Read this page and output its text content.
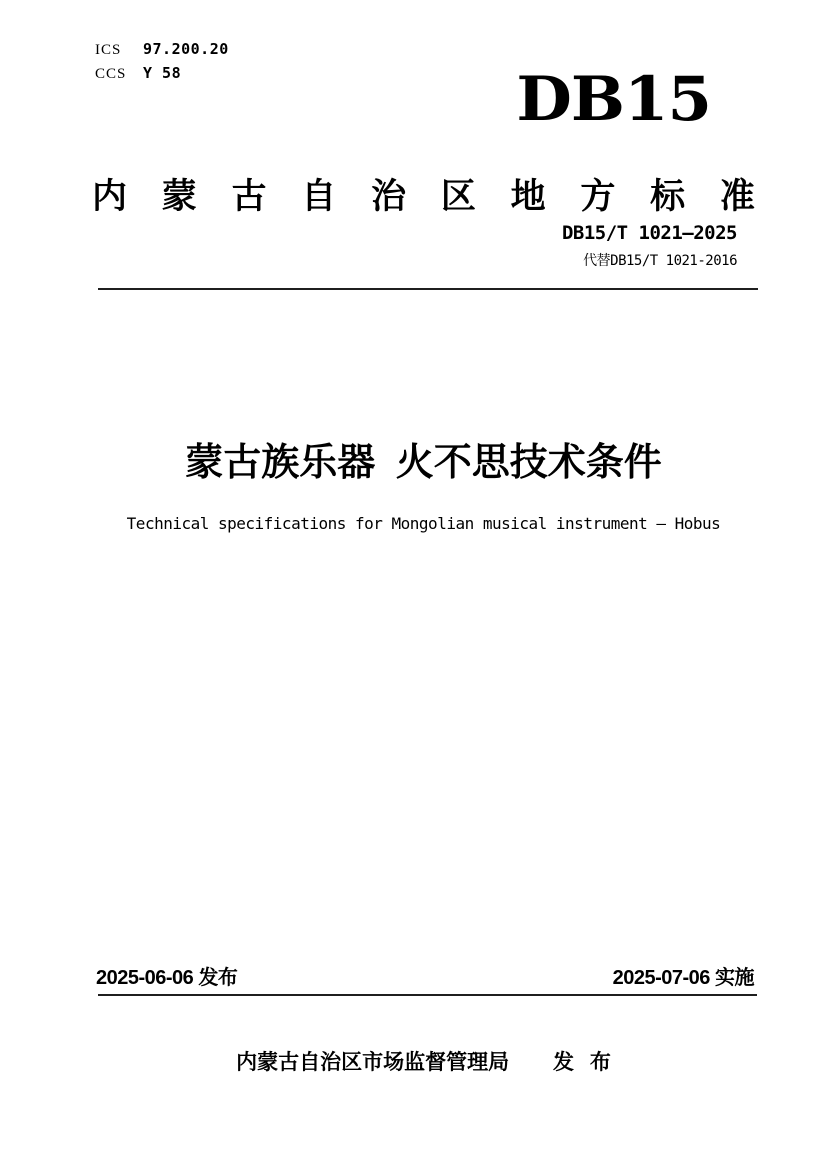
ICS	97.200.20
CCS	Y 58	DB15
内 蒙 古 自 治 区 地 方 标 准
DB15/T 1021—2025
代替DB15/T 1021-2016
蒙古族乐器 火不思技术条件

Technical specifications for Mongolian musical instrument — Hobus

2025-06-06 发布	2025-07-06 实施
内蒙古自治区市场监督管理局 发 布
